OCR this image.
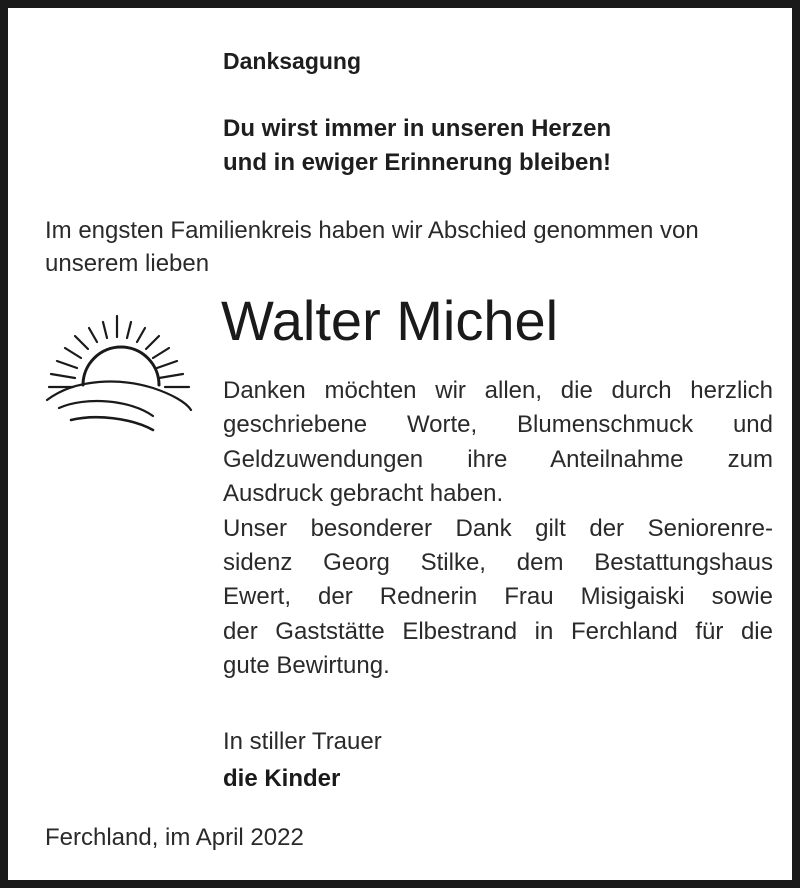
Danksagung
Du wirst immer in unseren Herzen
und in ewiger Erinnerung bleiben!

Im engsten Familienkreis haben wir Abschied genommen von unserem lieben

Walter Michel
Danken möchten wir allen, die durch herzlich
geschriebene Worte, Blumenschmuck und
Geldzuwendungen ihre Anteilnahme zum
Ausdruck gebracht haben.
Unser besonderer Dank gilt der Seniorenre-
sidenz Georg Stilke, dem Bestattungshaus
Ewert, der Rednerin Frau Misigaiski sowie
der Gaststätte Elbestrand in Ferchland für die
gute Bewirtung.
In stiller Trauer
die Kinder

Ferchland, im April 2022
